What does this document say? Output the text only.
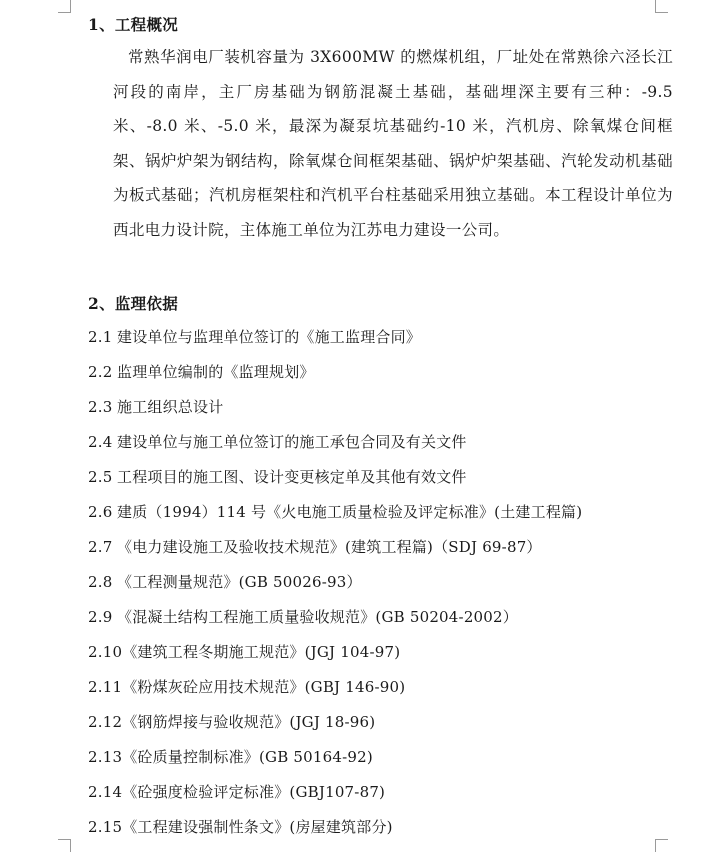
1、工程概况
常熟华润电厂装机容量为 3X600MW 的燃煤机组，厂址处在常熟徐六泾长江河段的南岸，主厂房基础为钢筋混凝土基础，基础埋深主要有三种：-9.5米、-8.0 米、-5.0 米，最深为凝泵坑基础约-10 米，汽机房、除氧煤仓间框架、锅炉炉架为钢结构，除氧煤仓间框架基础、锅炉炉架基础、汽轮发动机基础为板式基础；汽机房框架柱和汽机平台柱基础采用独立基础。本工程设计单位为西北电力设计院，主体施工单位为江苏电力建设一公司。
2、监理依据
2.1 建设单位与监理单位签订的《施工监理合同》
2.2 监理单位编制的《监理规划》
2.3 施工组织总设计
2.4 建设单位与施工单位签订的施工承包合同及有关文件
2.5 工程项目的施工图、设计变更核定单及其他有效文件
2.6 建质（1994）114 号《火电施工质量检验及评定标准》(土建工程篇)
2.7 《电力建设施工及验收技术规范》(建筑工程篇)（SDJ 69-87）
2.8 《工程测量规范》(GB 50026-93）
2.9 《混凝土结构工程施工质量验收规范》(GB 50204-2002）
2.10 《建筑工程冬期施工规范》(JGJ 104-97)
2.11 《粉煤灰砼应用技术规范》(GBJ 146-90)
2.12 《钢筋焊接与验收规范》(JGJ 18-96)
2.13 《砼质量控制标准》(GB 50164-92)
2.14 《砼强度检验评定标准》(GBJ107-87)
2.15 《工程建设强制性条文》(房屋建筑部分)
